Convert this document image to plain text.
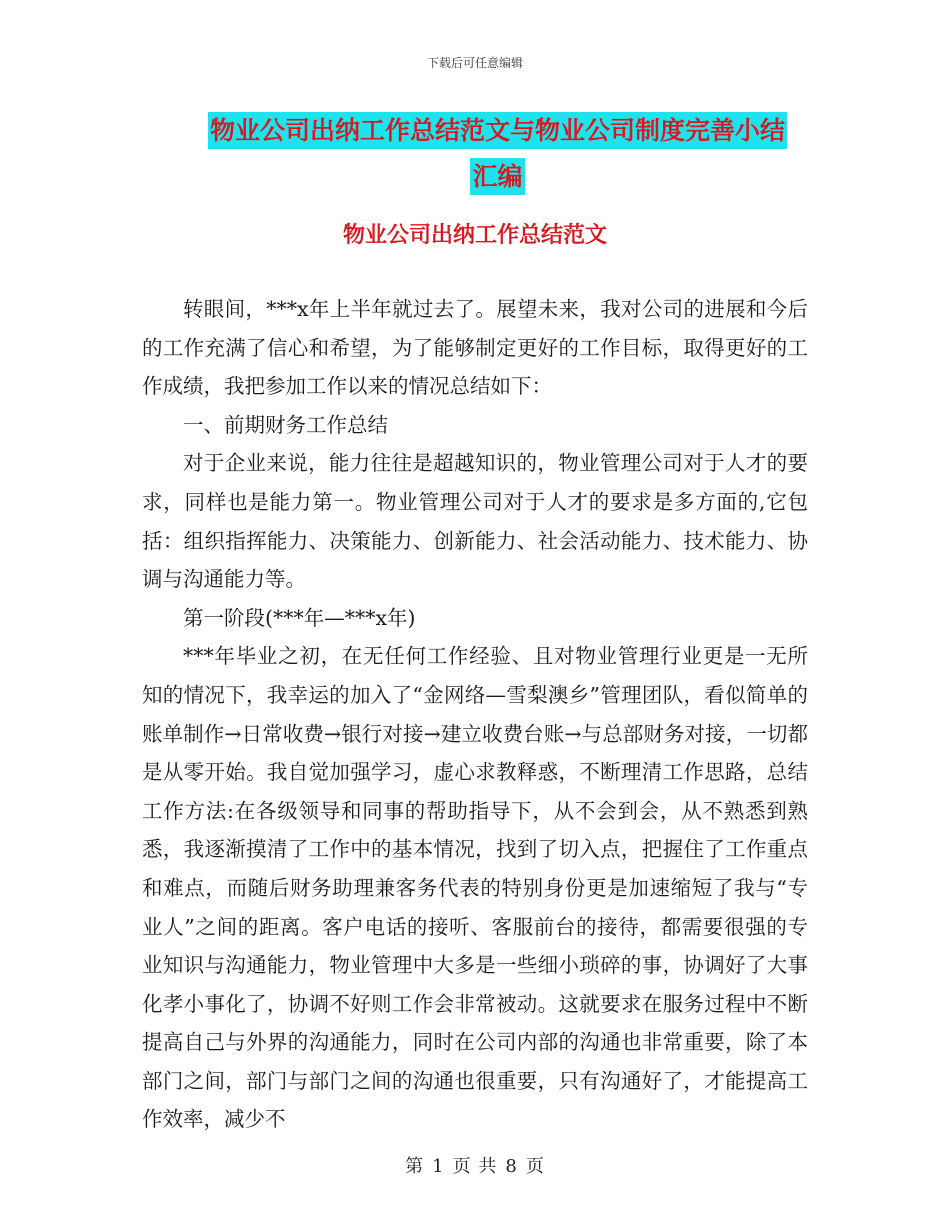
下载后可任意编辑
物业公司出纳工作总结范文与物业公司制度完善小结
汇编
物业公司出纳工作总结范文

转眼间，***x年上半年就过去了。展望未来，我对公司的进展和今后的工作充满了信心和希望，为了能够制定更好的工作目标，取得更好的工作成绩，我把参加工作以来的情况总结如下：

一、前期财务工作总结

对于企业来说，能力往往是超越知识的，物业管理公司对于人才的要求，同样也是能力第一。物业管理公司对于人才的要求是多方面的,它包括：组织指挥能力、决策能力、创新能力、社会活动能力、技术能力、协调与沟通能力等。

第一阶段(***年—***x年)

***年毕业之初，在无任何工作经验、且对物业管理行业更是一无所知的情况下，我幸运的加入了“金网络—雪梨澳乡”管理团队，看似简单的账单制作→日常收费→银行对接→建立收费台账→与总部财务对接，一切都是从零开始。我自觉加强学习，虚心求教释惑，不断理清工作思路，总结工作方法:在各级领导和同事的帮助指导下，从不会到会，从不熟悉到熟悉，我逐渐摸清了工作中的基本情况，找到了切入点，把握住了工作重点和难点，而随后财务助理兼客务代表的特别身份更是加速缩短了我与“专业人”之间的距离。客户电话的接听、客服前台的接待，都需要很强的专业知识与沟通能力，物业管理中大多是一些细小琐碎的事，协调好了大事化孝小事化了，协调不好则工作会非常被动。这就要求在服务过程中不断提高自己与外界的沟通能力，同时在公司内部的沟通也非常重要，除了本部门之间，部门与部门之间的沟通也很重要，只有沟通好了，才能提高工作效率，减少不

第 1 页 共 8 页
